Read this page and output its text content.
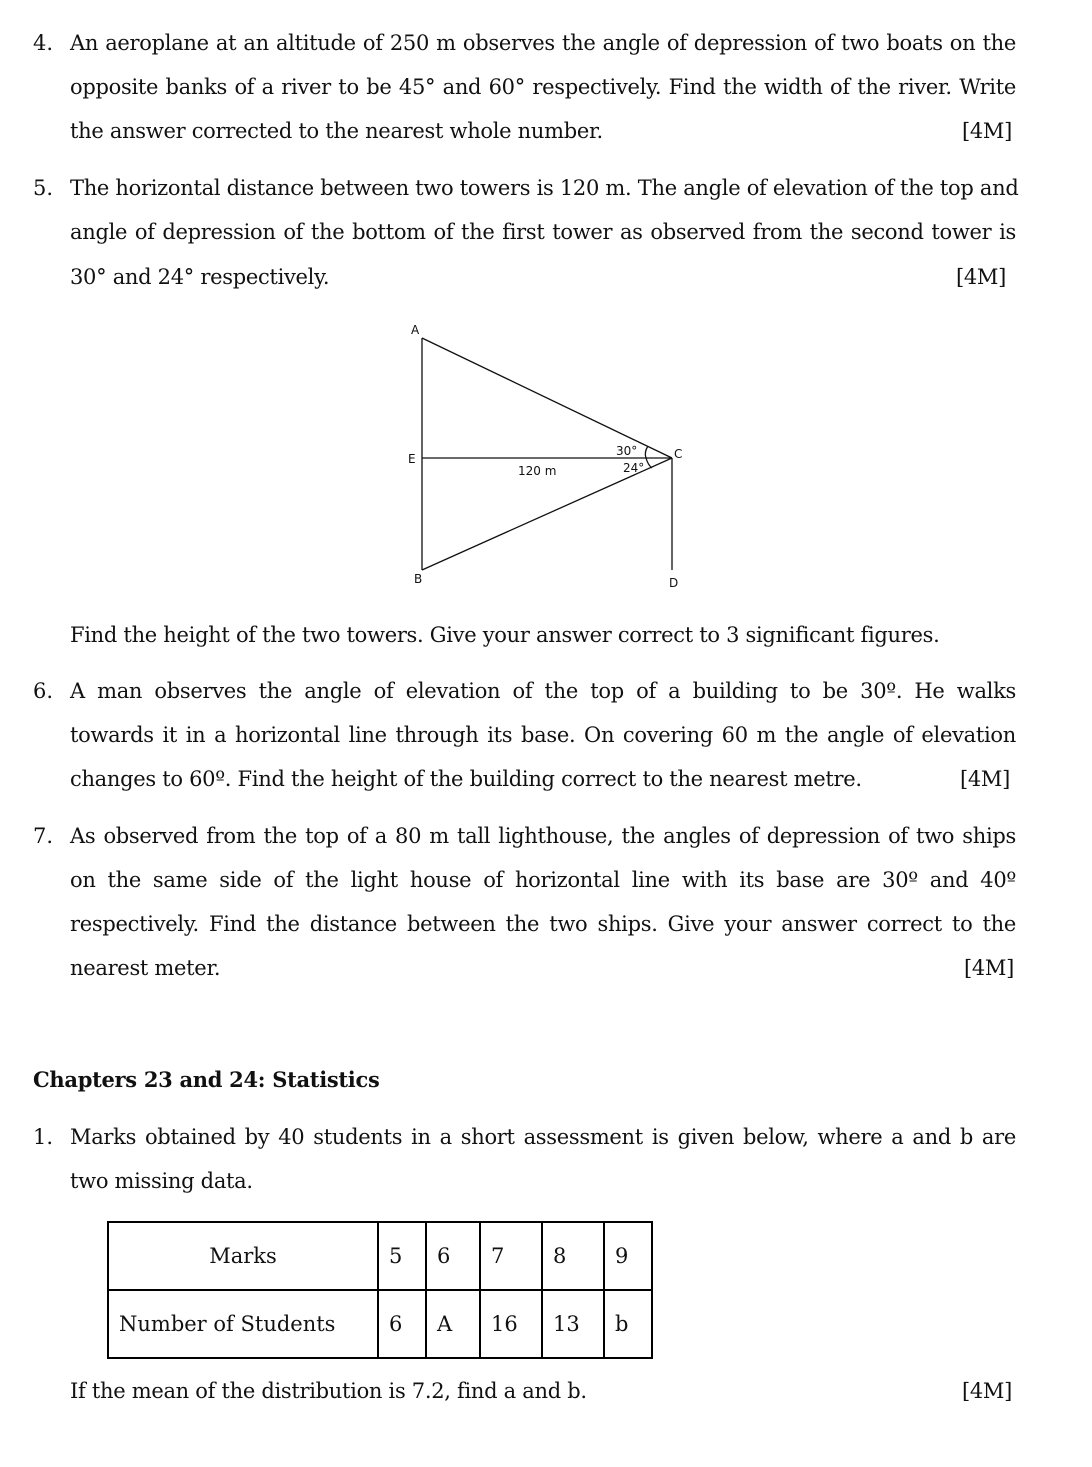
4. An aeroplane at an altitude of 250 m observes the angle of depression of two boats on the
opposite banks of a river to be 45° and 60° respectively. Find the width of the river. Write
the answer corrected to the nearest whole number.	[4M]
5. The horizontal distance between two towers is 120 m. The angle of elevation of the top and
angle of depression of the bottom of the first tower as observed from the second tower is
30° and 24° respectively.	[4M]
A
E	C
B	D
120 m
30°
24°
Find the height of the two towers. Give your answer correct to 3 significant figures.
6. A man observes the angle of elevation of the top of a building to be 30º. He walks
towards it in a horizontal line through its base. On covering 60 m the angle of elevation
changes to 60º. Find the height of the building correct to the nearest metre.	[4M]
7. As observed from the top of a 80 m tall lighthouse, the angles of depression of two ships
on the same side of the light house of horizontal line with its base are 30º and 40º
respectively. Find the distance between the two ships. Give your answer correct to the
nearest meter.	[4M]
Chapters 23 and 24: Statistics
1. Marks obtained by 40 students in a short assessment is given below, where a and b are
two missing data.
Marks	5	6	7	8	9
Number of Students	6	A	16	13	b
If the mean of the distribution is 7.2, find a and b.	[4M]
